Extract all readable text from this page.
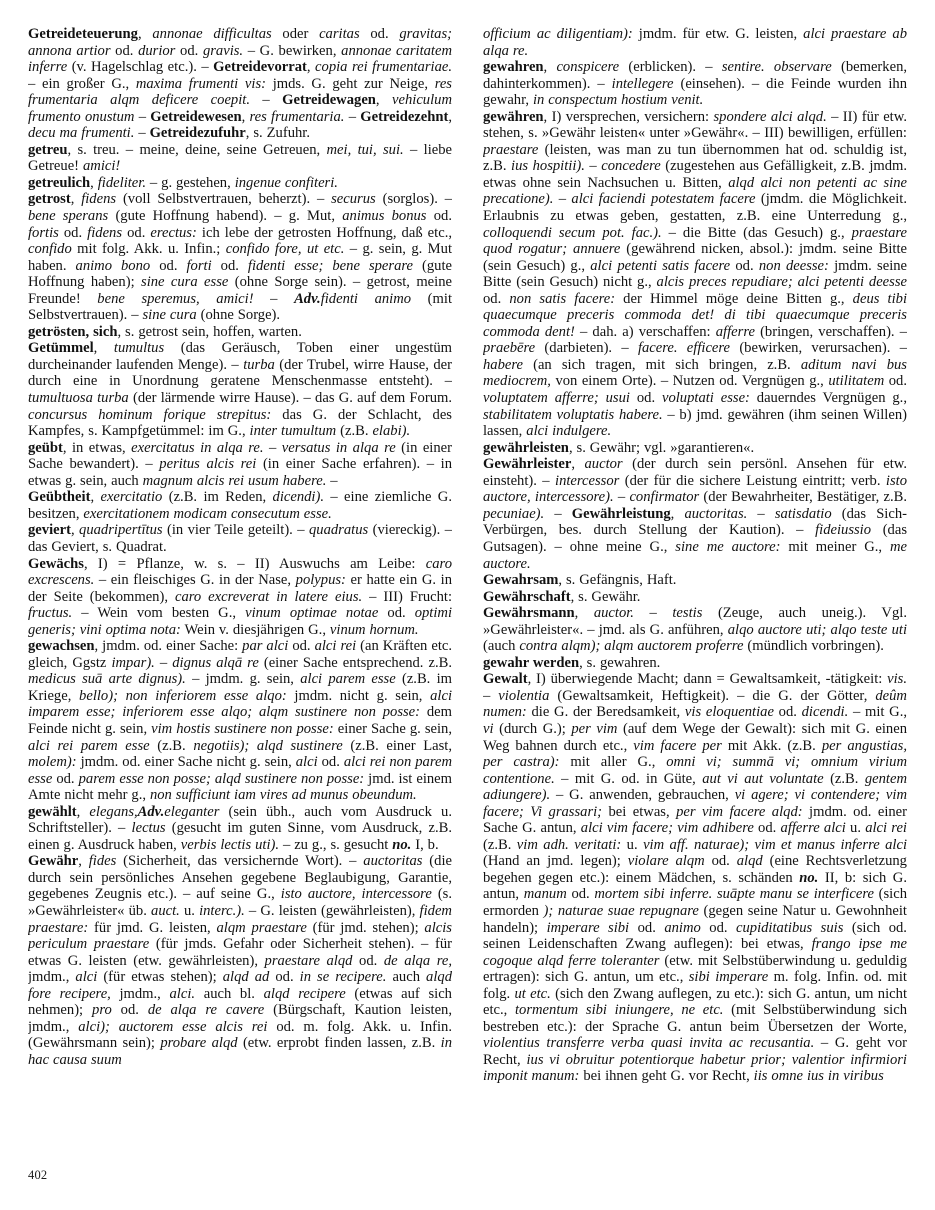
Getreideteuerung, annonae difficultas oder caritas od. gravitas; annona artior od. durior od. gravis. – G. bewirken, annonae caritatem inferre (v. Hagelschlag etc.). – Getreidevorrat, copia rei frumentariae. – ein großer G., maxima frumenti vis: jmds. G. geht zur Neige, res frumentaria alqm deficere coepit. – Getreidewagen, vehiculum frumento onustum – Getreidewesen, res frumentaria. – Getreidezehnt, decu ma frumenti. – Getreidezufuhr, s. Zufuhr.

getreu, s. treu. – meine, deine, seine Getreuen, mei, tui, sui. – liebe Getreue! amici!

getreulich, fideliter. – g. gestehen, ingenue confiteri.

getrost, fidens (voll Selbstvertrauen, beherzt). – securus (sorglos). – bene sperans (gute Hoffnung habend). – g. Mut, animus bonus od. fortis od. fidens od. erectus: ich lebe der getrosten Hoffnung, daß etc., confido mit folg. Akk. u. Infin.; confido fore, ut etc. – g. sein, g. Mut haben. animo bono od. forti od. fidenti esse; bene sperare (gute Hoffnung haben); sine cura esse (ohne Sorge sein). – getrost, meine Freunde! bene speremus, amici! – Adv.fidenti animo (mit Selbstvertrauen). – sine cura (ohne Sorge).

getrösten, sich, s. getrost sein, hoffen, warten.

Getümmel, tumultus (das Geräusch, Toben einer ungestüm durcheinander laufenden Menge). – turba (der Trubel, wirre Hause, der durch eine in Unordnung geratene Menschenmasse entsteht). – tumultuosa turba (der lärmende wirre Hause). – das G. auf dem Forum. concursus hominum forique strepitus: das G. der Schlacht, des Kampfes, s. Kampfgetümmel: im G., inter tumultum (z.B. elabi).

geübt, in etwas, exercitatus in alqa re. – versatus in alqa re (in einer Sache bewandert). – peritus alcis rei (in einer Sache erfahren). – in etwas g. sein, auch magnum alcis rei usum habere. –

Geübtheit, exercitatio (z.B. im Reden, dicendi). – eine ziemliche G. besitzen, exercitationem modicam consecutum esse.

geviert, quadripertītus (in vier Teile geteilt). – quadratus (viereckig). – das Geviert, s. Quadrat.

Gewächs, I) = Pflanze, w. s. – II) Auswuchs am Leibe: caro excrescens. – ein fleischiges G. in der Nase, polypus: er hatte ein G. in der Seite (bekommen), caro excreverat in latere eius. – III) Frucht: fructus. – Wein vom besten G., vinum optimae notae od. optimi generis; vini optima nota: Wein v. diesjährigen G., vinum hornum.

gewachsen, jmdm. od. einer Sache: par alci od. alci rei (an Kräften etc. gleich, Ggstz impar). – dignus alqā re (einer Sache entsprechend. z.B. medicus suā arte dignus). – jmdm. g. sein, alci parem esse (z.B. im Kriege, bello); non inferiorem esse alqo: jmdm. nicht g. sein, alci imparem esse; inferiorem esse alqo; alqm sustinere non posse: dem Feinde nicht g. sein, vim hostis sustinere non posse: einer Sache g. sein, alci rei parem esse (z.B. negotiis); alqd sustinere (z.B. einer Last, molem): jmdm. od. einer Sache nicht g. sein, alci od. alci rei non parem esse od. parem esse non posse; alqd sustinere non posse: jmd. ist einem Amte nicht mehr g., non sufficiunt iam vires ad munus obeundum.

gewählt, elegans,Adv.eleganter (sein übh., auch vom Ausdruck u. Schriftsteller). – lectus (gesucht im guten Sinne, vom Ausdruck, z.B. einen g. Ausdruck haben, verbis lectis uti). – zu g., s. gesucht no. I, b.

Gewähr, fides (Sicherheit, das versichernde Wort). – auctoritas (die durch sein persönliches Ansehen gegebene Beglaubigung, Garantie, gegebenes Zeugnis etc.). – auf seine G., isto auctore, intercessore (s. »Gewährleister« üb. auct. u. interc.). – G. leisten (gewährleisten), fidem praestare: für jmd. G. leisten, alqm praestare (für jmd. stehen); alcis periculum praestare (für jmds. Gefahr oder Sicherheit stehen). – für etwas G. leisten (etw. gewährleisten), praestare alqd od. de alqa re, jmdm., alci (für etwas stehen); alqd ad od. in se recipere. auch alqd fore recipere, jmdm., alci. auch bl. alqd recipere (etwas auf sich nehmen); pro od. de alqa re cavere (Bürgschaft, Kaution leisten, jmdm., alci); auctorem esse alcis rei od. m. folg. Akk. u. Infin. (Gewährsmann sein); probare alqd (etw. erprobt finden lassen, z.B. in hac causa suum

officium ac diligentiam): jmdm. für etw. G. leisten, alci praestare ab alqa re.

gewahren, conspicere (erblicken). – sentire. observare (bemerken, dahinterkommen). – intellegere (einsehen). – die Feinde wurden ihn gewahr, in conspectum hostium venit.

gewähren, I) versprechen, versichern: spondere alci alqd. – II) für etw. stehen, s. »Gewähr leisten« unter »Gewähr«. – III) bewilligen, erfüllen: praestare (leisten, was man zu tun übernommen hat od. schuldig ist, z.B. ius hospitii). – concedere (zugestehen aus Gefälligkeit, z.B. jmdm. etwas ohne sein Nachsuchen u. Bitten, alqd alci non petenti ac sine precatione). – alci faciendi potestatem facere (jmdm. die Möglichkeit. Erlaubnis zu etwas geben, gestatten, z.B. eine Unterredung g., colloquendi secum pot. fac.). – die Bitte (das Gesuch) g., praestare quod rogatur; annuere (gewährend nicken, absol.): jmdm. seine Bitte (sein Gesuch) g., alci petenti satis facere od. non deesse: jmdm. seine Bitte (sein Gesuch) nicht g., alcis preces repudiare; alci petenti deesse od. non satis facere: der Himmel möge deine Bitten g., deus tibi quaecumque preceris commoda det! di tibi quaecumque preceris commoda dent! – dah. a) verschaffen: afferre (bringen, verschaffen). – praebēre (darbieten). – facere. efficere (bewirken, verursachen). – habere (an sich tragen, mit sich bringen, z.B. aditum navi bus mediocrem, von einem Orte). – Nutzen od. Vergnügen g., utilitatem od. voluptatem afferre; usui od. voluptati esse: dauerndes Vergnügen g., stabilitatem voluptatis habere. – b) jmd. gewähren (ihm seinen Willen) lassen, alci indulgere.

gewährleisten, s. Gewähr; vgl. »garantieren«.

Gewährleister, auctor (der durch sein persönl. Ansehen für etw. einsteht). – intercessor (der für die sichere Leistung eintritt; verb. isto auctore, intercessore). – confirmator (der Bewahrheiter, Bestätiger, z.B. pecuniae). – Gewährleistung, auctoritas. – satisdatio (das Sich-Verbürgen, bes. durch Stellung der Kaution). – fideiussio (das Gutsagen). – ohne meine G., sine me auctore: mit meiner G., me auctore.

Gewahrsam, s. Gefängnis, Haft.

Gewährschaft, s. Gewähr.

Gewährsmann, auctor. – testis (Zeuge, auch uneig.). Vgl. »Gewährleister«. – jmd. als G. anführen, alqo auctore uti; alqo teste uti (auch contra alqm); alqm auctorem proferre (mündlich vorbringen).

gewahr werden, s. gewahren.

Gewalt, I) überwiegende Macht; dann = Gewaltsamkeit, -tätigkeit: vis. – violentia (Gewaltsamkeit, Heftigkeit). – die G. der Götter, deûm numen: die G. der Beredsamkeit, vis eloquentiae od. dicendi. – mit G., vi (durch G.); per vim (auf dem Wege der Gewalt): sich mit G. einen Weg bahnen durch etc., vim facere per mit Akk. (z.B. per angustias, per castra): mit aller G., omni vi; summā vi; omnium virium contentione. – mit G. od. in Güte, aut vi aut voluntate (z.B. gentem adiungere). – G. anwenden, gebrauchen, vi agere; vi contendere; vim facere; Vi grassari; bei etwas, per vim facere alqd: jmdm. od. einer Sache G. antun, alci vim facere; vim adhibere od. afferre alci u. alci rei (z.B. vim adh. veritati: u. vim aff. naturae); vim et manus inferre alci (Hand an jmd. legen); violare alqm od. alqd (eine Rechtsverletzung begehen gegen etc.): einem Mädchen, s. schänden no. II, b: sich G. antun, manum od. mortem sibi inferre. suāpte manu se interficere (sich ermorden ); naturae suae repugnare (gegen seine Natur u. Gewohnheit handeln); imperare sibi od. animo od. cupiditatibus suis (sich od. seinen Leidenschaften Zwang auflegen): bei etwas, frango ipse me cogoque alqd ferre toleranter (etw. mit Selbstüberwindung u. geduldig ertragen): sich G. antun, um etc., sibi imperare m. folg. Infin. od. mit folg. ut etc. (sich den Zwang auflegen, zu etc.): sich G. antun, um nicht etc., tormentum sibi iniungere, ne etc. (mit Selbstüberwindung sich bestreben etc.): der Sprache G. antun beim Übersetzen der Worte, violentius transferre verba quasi invita ac recusantia. – G. geht vor Recht, ius vi obruitur potentiorque habetur prior; valentior infirmiori imponit manum: bei ihnen geht G. vor Recht, iis omne ius in viribus

402
